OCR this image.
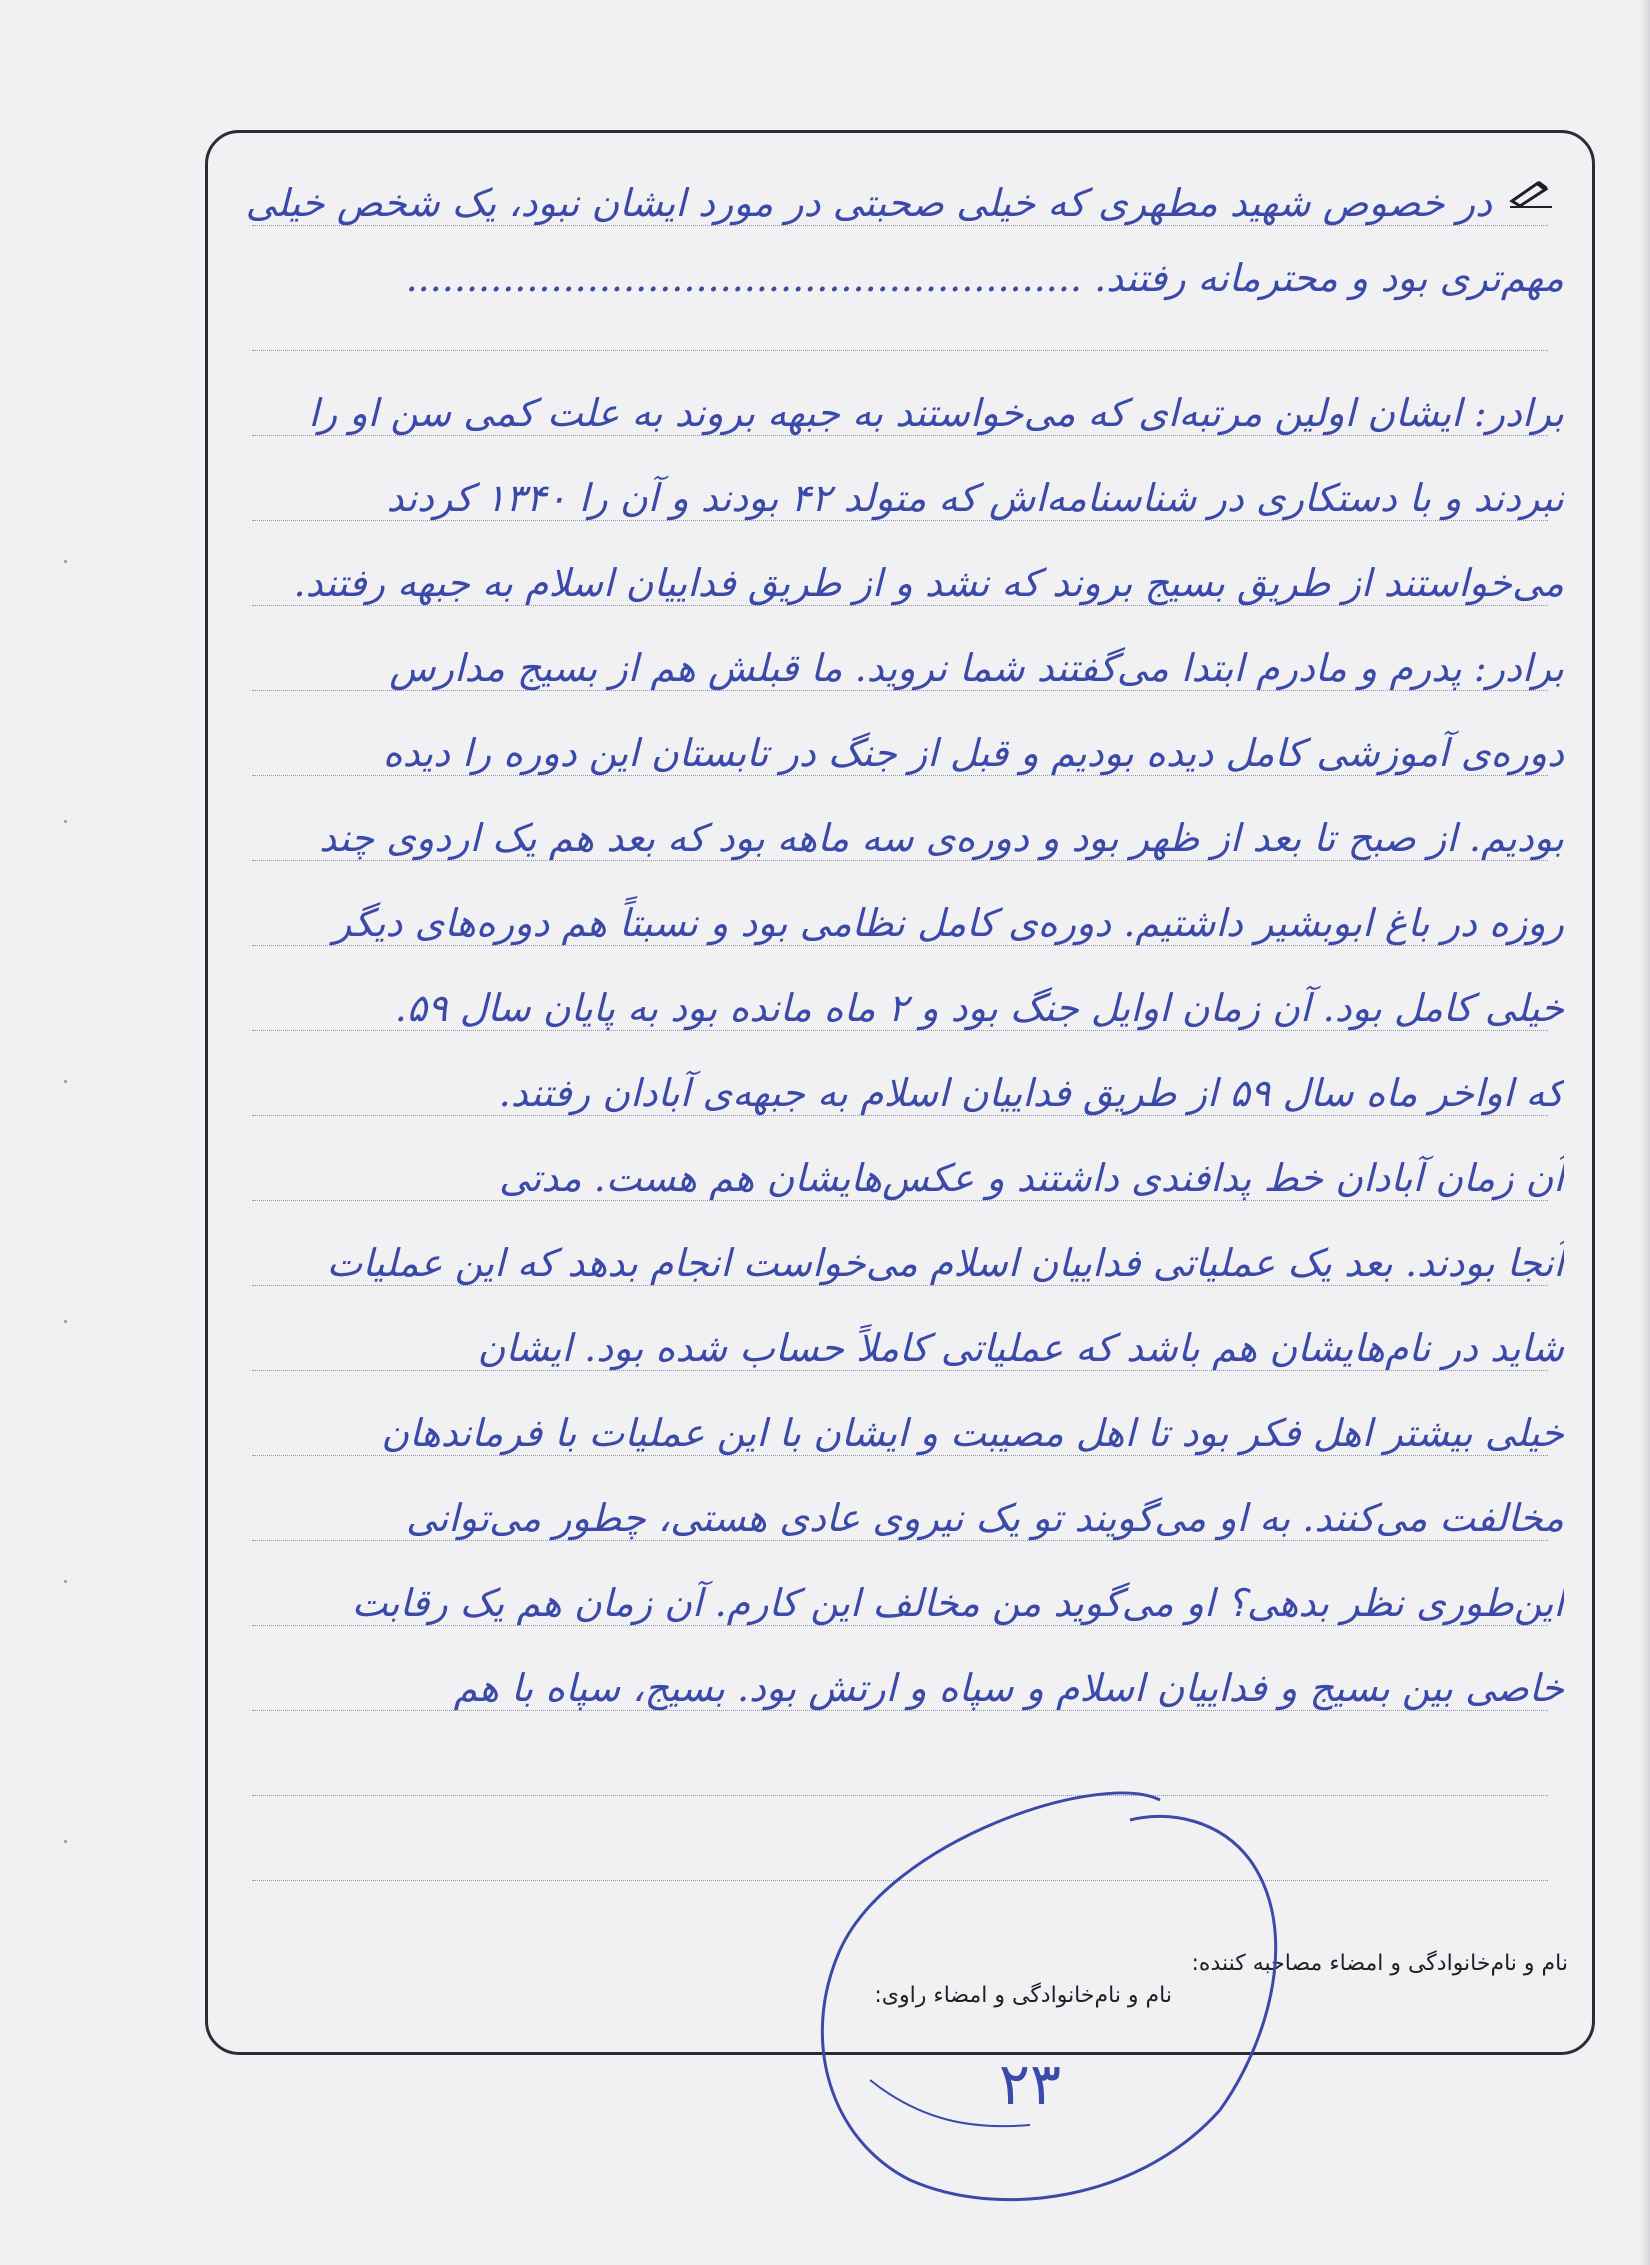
در خصوص شهید مطهری که خیلی صحبتی در مورد ایشان نبود، یک شخص خیلی
مهم‌تری بود و محترمانه رفتند. ........................................................
برادر: ایشان اولین مرتبه‌ای که می‌خواستند به جبهه بروند به علت کمی سن او را
نبردند و با دستکاری در شناسنامه‌اش که متولد ۴۲ بودند و آن را ۱۳۴۰ کردند
می‌خواستند از طریق بسیج بروند که نشد و از طریق فداییان اسلام به جبهه رفتند.
برادر: پدرم و مادرم ابتدا می‌گفتند شما نروید. ما قبلش هم از بسیج مدارس
دوره‌ی آموزشی کامل دیده بودیم و قبل از جنگ در تابستان این دوره را دیده
بودیم. از صبح تا بعد از ظهر بود و دوره‌ی سه ماهه بود که بعد هم یک اردوی چند
روزه در باغ ابوبشیر داشتیم. دوره‌ی کامل نظامی بود و نسبتاً هم دوره‌های دیگر
خیلی کامل بود. آن زمان اوایل جنگ بود و ۲ ماه مانده بود به پایان سال ۵۹.
که اواخر ماه سال ۵۹ از طریق فداییان اسلام به جبهه‌ی آبادان رفتند.
آن زمان آبادان خط پدافندی داشتند و عکس‌هایشان هم هست. مدتی
آنجا بودند. بعد یک عملیاتی فداییان اسلام می‌خواست انجام بدهد که این عملیات
شاید در نام‌هایشان هم باشد که عملیاتی کاملاً حساب شده بود. ایشان
خیلی بیشتر اهل فکر بود تا اهل مصیبت و ایشان با این عملیات با فرماندهان
مخالفت می‌کنند. به او می‌گویند تو یک نیروی عادی هستی، چطور می‌توانی
این‌طوری نظر بدهی؟ او می‌گوید من مخالف این کارم. آن زمان هم یک رقابت
خاصی بین بسیج و فداییان اسلام و سپاه و ارتش بود. بسیج، سپاه با هم
نام و نام‌خانوادگی و امضاء مصاحبه کننده:
نام و نام‌خانوادگی و امضاء راوی:
۲۳
